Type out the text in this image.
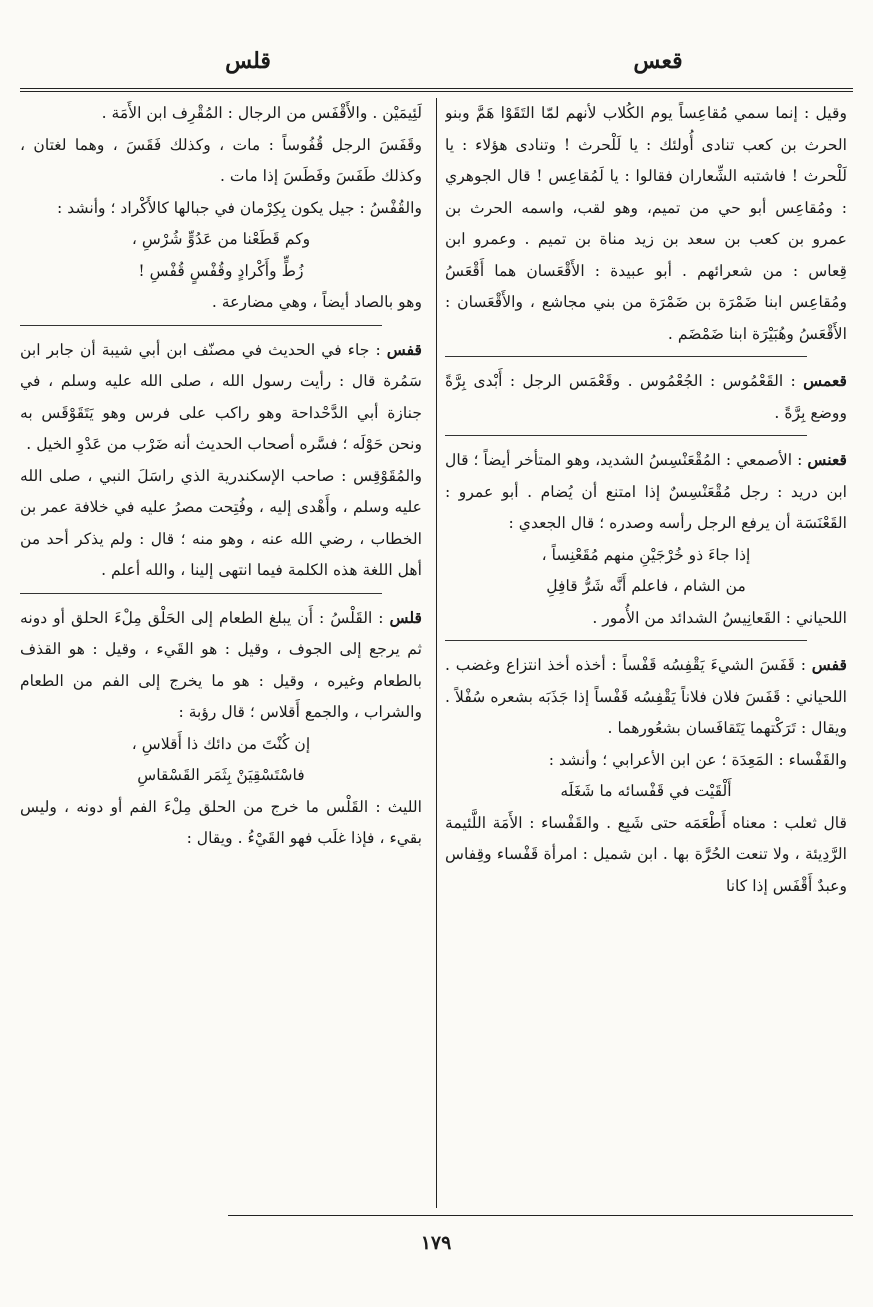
قعس
قلس

وقيل : إنما سمي مُقاعِساً يوم الكُلاب لأنهم لمّا التَقَوْا هَمَّ وبنو الحرث بن كعب تنادى أُولئك : يا لَلْحرث ! وتنادى هؤلاء : يا لَلْحرث ! فاشتبه الشِّعاران فقالوا : يا لَمُقاعِس ! قال الجوهري : ومُقاعِس أبو حي من تميم، وهو لقب، واسمه الحرث بن عمرو بن كعب بن سعد بن زيد مناة بن تميم . وعمرو ابن قِعاس : من شعرائهم . أبو عبيدة : الأَقْعَسان هما أَقْعَسُ ومُقاعِس ابنا ضَمْرَة بن ضَمْرَة من بني مجاشع ، والأَقْعَسان : الأَقْعَسُ وهُبَيْرَة ابنا ضَمْضَم .

قعمس : القَعْمُوس : الجُعْمُوس . وقَعْمَس الرجل : أَبْدى بِرَّةً ووضع بِرَّةً .

قعنس : الأصمعي : المُقْعَنْسِسُ الشديد، وهو المتأخر أيضاً ؛ قال ابن دريد : رجل مُقْعَنْسِسٌ إذا امتنع أن يُضام . أبو عمرو : القَعْنَسَة أن يرفع الرجل رأسه وصدره ؛ قال الجعدي :

إذا جاءَ ذو خُرْجَيْنِ منهم مُقَعْنِساً ،

من الشام ، فاعلم أَنَّه شَرُّ قافِلِ

اللحياني : القَعانِيسُ الشدائد من الأُمور .

قفس : قَفَسَ الشيءَ يَقْفِسُه قَفْساً : أخذه أخذ انتزاع وغضب . اللحياني : قَفَسَ فلان فلاناً يَقْفِسُه قَفْساً إذا جَذَبَه بشعره سُفْلاً . ويقال : تَرَكْتهما يَتَقافَسان بشعُورهما .

والقَفْساء : المَعِدَة ؛ عن ابن الأعرابي ؛ وأنشد :

أَلْقَيْت في قَفْسائه ما شَغَلَه

قال ثعلب : معناه أَطْعَمَه حتى شَبِع . والقَفْساء : الأَمَة اللَّئيمة الرَّدِيئة ، ولا تنعت الحُرَّة بها . ابن شميل : امرأة قَفْساء وقِفاس وعبدٌ أَقْفَس إذا كانا

لَئِيمَيْن . والأَقْفَس من الرجال : المُقْرِف ابن الأَمَة .

وقَفَسَ الرجل قُفُوساً : مات ، وكذلك فَقَسَ ، وهما لغتان ، وكذلك طَفَسَ وفَطَسَ إذا مات .

والقُفْسُ : جيل يكون بِكِرْمان في جبالها كالأَكْراد ؛ وأنشد :

وكم قَطَعْنا من عَدُوٍّ شُرْسِ ،

زُطٍّ وأَكْرادٍ وقُفْسٍ قُفْسِ !

وهو بالصاد أيضاً ، وهي مضارعة .

قفس : جاء في الحديث في مصنّف ابن أبي شيبة أن جابر ابن سَمُرة قال : رأيت رسول الله ، صلى الله عليه وسلم ، في جنازة أبي الدَّحْداحة وهو راكب على فرس وهو يَتَقَوْقَس به ونحن حَوْلَه ؛ فسَّره أصحاب الحديث أنه ضَرْب من عَدْوِ الخيل .

والمُقَوْقِس : صاحب الإسكندرية الذي راسَلَ النبي ، صلى الله عليه وسلم ، وأَهْدى إليه ، وفُتِحت مصرُ عليه في خلافة عمر بن الخطاب ، رضي الله عنه ، وهو منه ؛ قال : ولم يذكر أحد من أهل اللغة هذه الكلمة فيما انتهى إلينا ، والله أعلم .

قلس : القَلْسُ : أَن يبلغ الطعام إلى الحَلْق مِلْءَ الحلق أو دونه ثم يرجع إلى الجوف ، وقيل : هو القَيء ، وقيل : هو القذف بالطعام وغيره ، وقيل : هو ما يخرج إلى الفم من الطعام والشراب ، والجمع أَقلاس ؛ قال رؤبة :

إن كُنْتَ من دائك ذا أَقلاسِ ،

فاسْتَسْقِيَنْ بِثَمَر القَسْقاسِ

الليث : القَلْس ما خرج من الحلق مِلْءَ الفم أو دونه ، وليس بقيء ، فإذا غلَب فهو القَيْءُ . ويقال :

١٧٩
